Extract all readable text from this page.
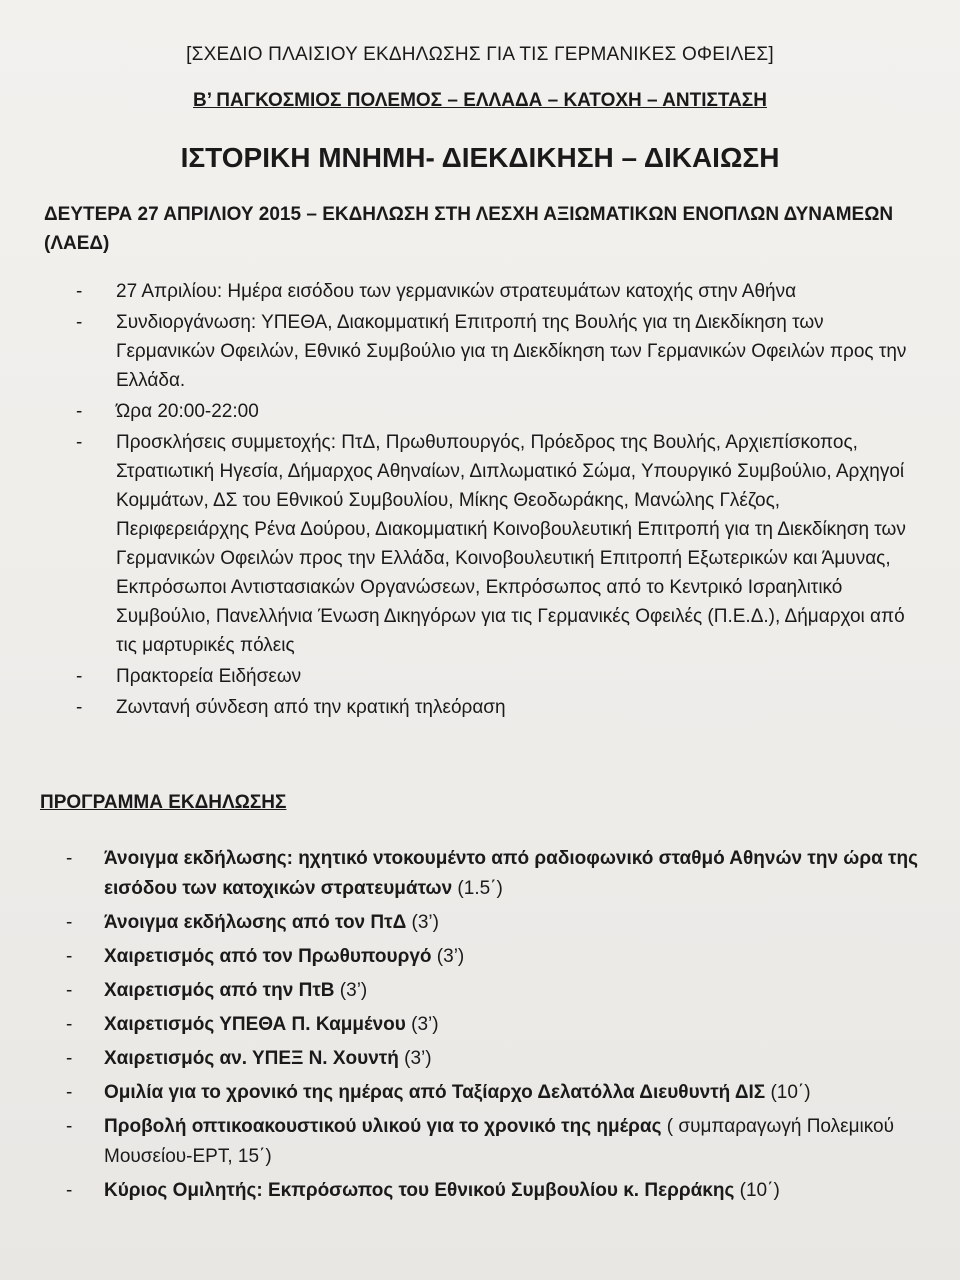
[ΣΧΕΔΙΟ ΠΛΑΙΣΙΟΥ ΕΚΔΗΛΩΣΗΣ ΓΙΑ ΤΙΣ ΓΕΡΜΑΝΙΚΕΣ ΟΦΕΙΛΕΣ]
Β’ ΠΑΓΚΟΣΜΙΟΣ ΠΟΛΕΜΟΣ – ΕΛΛΑΔΑ – ΚΑΤΟΧΗ – ΑΝΤΙΣΤΑΣΗ
ΙΣΤΟΡΙΚΗ ΜΝΗΜΗ- ΔΙΕΚΔΙΚΗΣΗ – ΔΙΚΑΙΩΣΗ
ΔΕΥΤΕΡΑ 27 ΑΠΡΙΛΙΟΥ 2015 – ΕΚΔΗΛΩΣΗ ΣΤΗ ΛΕΣΧΗ ΑΞΙΩΜΑΤΙΚΩΝ ΕΝΟΠΛΩΝ ΔΥΝΑΜΕΩΝ (ΛΑΕΔ)
- 27 Απριλίου: Ημέρα εισόδου των γερμανικών στρατευμάτων κατοχής στην Αθήνα
- Συνδιοργάνωση: ΥΠΕΘΑ, Διακομματική Επιτροπή της Βουλής για τη Διεκδίκηση των Γερμανικών Οφειλών, Εθνικό Συμβούλιο για τη Διεκδίκηση των Γερμανικών Οφειλών προς την Ελλάδα.
- Ώρα 20:00-22:00
- Προσκλήσεις συμμετοχής: ΠτΔ, Πρωθυπουργός, Πρόεδρος της Βουλής, Αρχιεπίσκοπος, Στρατιωτική Ηγεσία, Δήμαρχος Αθηναίων, Διπλωματικό Σώμα, Υπουργικό Συμβούλιο, Αρχηγοί Κομμάτων, ΔΣ του Εθνικού Συμβουλίου, Μίκης Θεοδωράκης, Μανώλης Γλέζος, Περιφερειάρχης Ρένα Δούρου, Διακομματική Κοινοβουλευτική Επιτροπή για τη Διεκδίκηση των Γερμανικών Οφειλών προς την Ελλάδα, Κοινοβουλευτική Επιτροπή Εξωτερικών και Άμυνας, Εκπρόσωποι Αντιστασιακών Οργανώσεων, Εκπρόσωπος από το Κεντρικό Ισραηλιτικό Συμβούλιο, Πανελλήνια Ένωση Δικηγόρων για τις Γερμανικές Οφειλές (Π.Ε.Δ.), Δήμαρχοι από τις μαρτυρικές πόλεις
- Πρακτορεία Ειδήσεων
- Ζωντανή σύνδεση από την κρατική τηλεόραση
ΠΡΟΓΡΑΜΜΑ ΕΚΔΗΛΩΣΗΣ
- Άνοιγμα εκδήλωσης: ηχητικό ντοκουμέντο από ραδιοφωνικό σταθμό Αθηνών την ώρα της εισόδου των κατοχικών στρατευμάτων (1.5΄)
- Άνοιγμα εκδήλωσης από τον ΠτΔ (3’)
- Χαιρετισμός από τον Πρωθυπουργό (3’)
- Χαιρετισμός από την ΠτΒ (3’)
- Χαιρετισμός ΥΠΕΘΑ Π. Καμμένου (3’)
- Χαιρετισμός αν. ΥΠΕΞ Ν. Χουντή (3’)
- Ομιλία για το χρονικό της ημέρας από Ταξίαρχο Δελατόλλα Διευθυντή ΔΙΣ (10΄)
- Προβολή οπτικοακουστικού υλικού για το χρονικό της ημέρας ( συμπαραγωγή Πολεμικού Μουσείου-ΕΡΤ, 15΄)
- Κύριος Ομιλητής: Εκπρόσωπος του Εθνικού Συμβουλίου κ. Περράκης (10΄)
